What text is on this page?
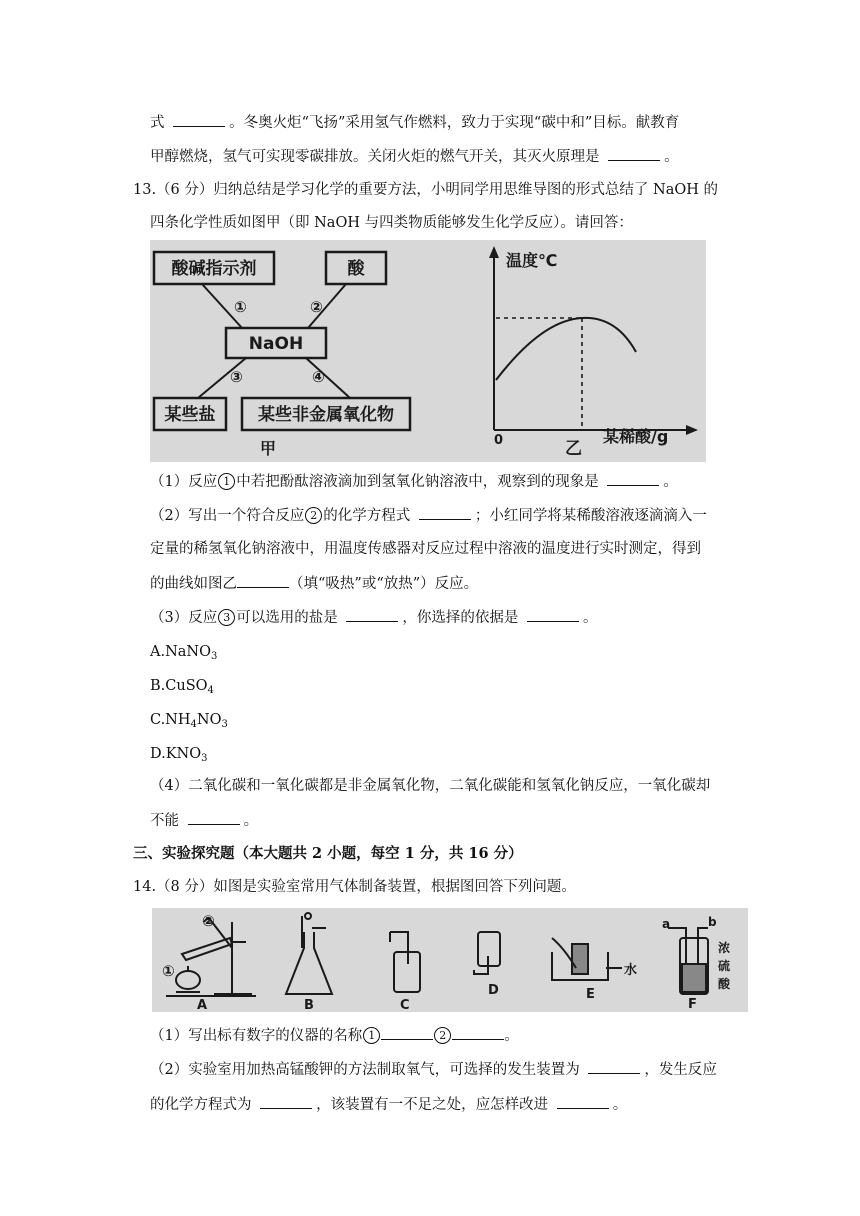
式	。冬奥火炬“飞扬”采用氢气作燃料，致力于实现“碳中和”目标。献教育
甲醇燃烧，氢气可实现零碳排放。关闭火炬的燃气开关，其灭火原理是	。
13.（6 分）归纳总结是学习化学的重要方法，小明同学用思维导图的形式总结了 NaOH 的
四条化学性质如图甲（即 NaOH 与四类物质能够发生化学反应）。请回答：
酸碱指示剂	酸
NaOH
某些盐	某些非金属氧化物
①	②
③	④
甲
温度℃
0	某稀酸/g
乙
（1）反应 1 中若把酚酞溶液滴加到氢氧化钠溶液中，观察到的现象是	。
（2）写出一个符合反应 2 的化学方程式	；小红同学将某稀酸溶液逐滴滴入一
定量的稀氢氧化钠溶液中，用温度传感器对反应过程中溶液的温度进行实时测定，得到
的曲线如图乙	（填“吸热”或“放热”）反应。
（3）反应 3 可以选用的盐是	，你选择的依据是	。
A.NaNO$_3$
B.CuSO$_4$
$C.NH_4NO_3$
$D.KNO_3$
（4）二氧化碳和一氧化碳都是非金属氧化物，二氧化碳能和氢氧化钠反应，一氧化碳却
不能	。
三、实验探究题（本大题共 2 小题，每空 1 分，共 16 分）
14.（8 分）如图是实验室常用气体制备装置，根据图回答下列问题。
①
②
A	B	C
D
水
E
a	b
浓
硫
酸
F
（1）写出标有数字的仪器的名称 1	2	。
（2）实验室用加热高锰酸钾的方法制取氧气，可选择的发生装置为	，发生反应
的化学方程式为	，该装置有一不足之处，应怎样改进	。
